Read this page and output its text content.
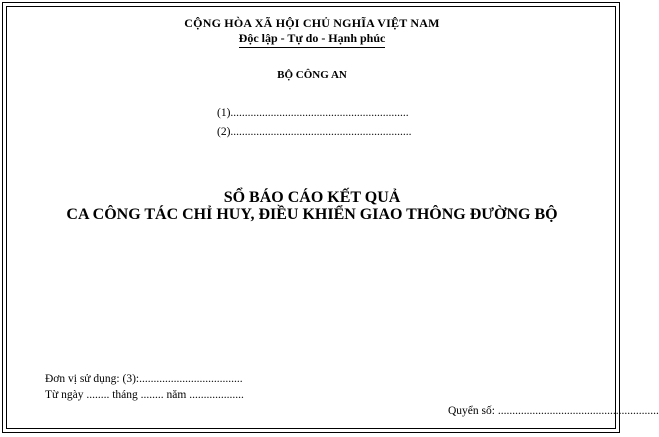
CỘNG HÒA XÃ HỘI CHỦ NGHĨA VIỆT NAM
Độc lập - Tự do - Hạnh phúc
BỘ CÔNG AN
(1)..............................................................
(2)...............................................................
SỔ BÁO CÁO KẾT QUẢ
CA CÔNG TÁC CHỈ HUY, ĐIỀU KHIỂN GIAO THÔNG ĐƯỜNG BỘ
Đơn vị sử dụng: (3):....................................
Từ ngày ........ tháng ........ năm ...................
Quyển số: ........................................................
